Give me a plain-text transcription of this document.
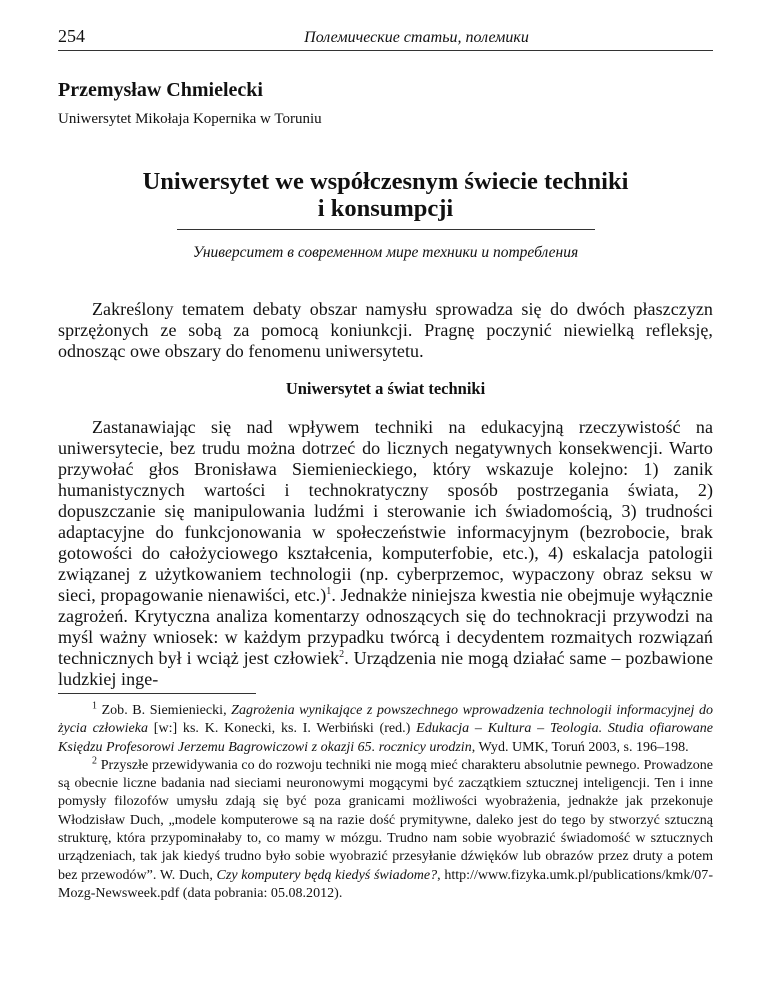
254	Полемические статьи, полемики
Przemysław Chmielecki
Uniwersytet Mikołaja Kopernika w Toruniu
Uniwersytet we współczesnym świecie techniki
i konsumpcji
Университет в современном мире техники и потребления

Zakreślony tematem debaty obszar namysłu sprowadza się do dwóch płaszczyzn sprzężonych ze sobą za pomocą koniunkcji. Pragnę poczynić niewielką refleksję, odnosząc owe obszary do fenomenu uniwersytetu.

Uniwersytet a świat techniki

Zastanawiając się nad wpływem techniki na edukacyjną rzeczywistość na uniwersytecie, bez trudu można dotrzeć do licznych negatywnych konsekwencji. Warto przywołać głos Bronisława Siemienieckiego, który wskazuje kolejno: 1) zanik humanistycznych wartości i technokratyczny sposób postrzegania świata, 2) dopuszczanie się manipulowania ludźmi i sterowanie ich świadomością, 3) trudności adaptacyjne do funkcjonowania w społeczeństwie informacyjnym (bezrobocie, brak gotowości do całożyciowego kształcenia, komputerfobie, etc.), 4) eskalacja patologii związanej z użytkowaniem technologii (np. cyberprzemoc, wypaczony obraz seksu w sieci, propagowanie nienawiści, etc.)$^1$. Jednakże niniejsza kwestia nie obejmuje wyłącznie zagrożeń. Krytyczna analiza komentarzy odnoszących się do technokracji przywodzi na myśl ważny wniosek: w każdym przypadku twórcą i decydentem rozmaitych rozwiązań technicznych był i wciąż jest człowiek$^2$. Urządzenia nie mogą działać same – pozbawione ludzkiej inge-

$^1$ Zob. B. Siemieniecki, Zagrożenia wynikające z powszechnego wprowadzenia technologii informacyjnej do życia człowieka [w:] ks. K. Konecki, ks. I. Werbiński (red.) Edukacja – Kultura – Teologia. Studia ofiarowane Księdzu Profesorowi Jerzemu Bagrowiczowi z okazji 65. rocznicy urodzin, Wyd. UMK, Toruń 2003, s. 196–198.

$^2$ Przyszłe przewidywania co do rozwoju techniki nie mogą mieć charakteru absolutnie pewnego. Prowadzone są obecnie liczne badania nad sieciami neuronowymi mogącymi być zaczątkiem sztucznej inteligencji. Ten i inne pomysły filozofów umysłu zdają się być poza granicami możliwości wyobrażenia, jednakże jak przekonuje Włodzisław Duch, „modele komputerowe są na razie dość prymitywne, daleko jest do tego by stworzyć sztuczną strukturę, która przypominałaby to, co mamy w mózgu. Trudno nam sobie wyobrazić świadomość w sztucznych urządzeniach, tak jak kiedyś trudno było sobie wyobrazić przesyłanie dźwięków lub obrazów przez druty a potem bez przewodów”. W. Duch, Czy komputery będą kiedyś świadome?, http://www.fizyka.umk.pl/publications/kmk/07-Mozg-Newsweek.pdf (data pobrania: 05.08.2012).
